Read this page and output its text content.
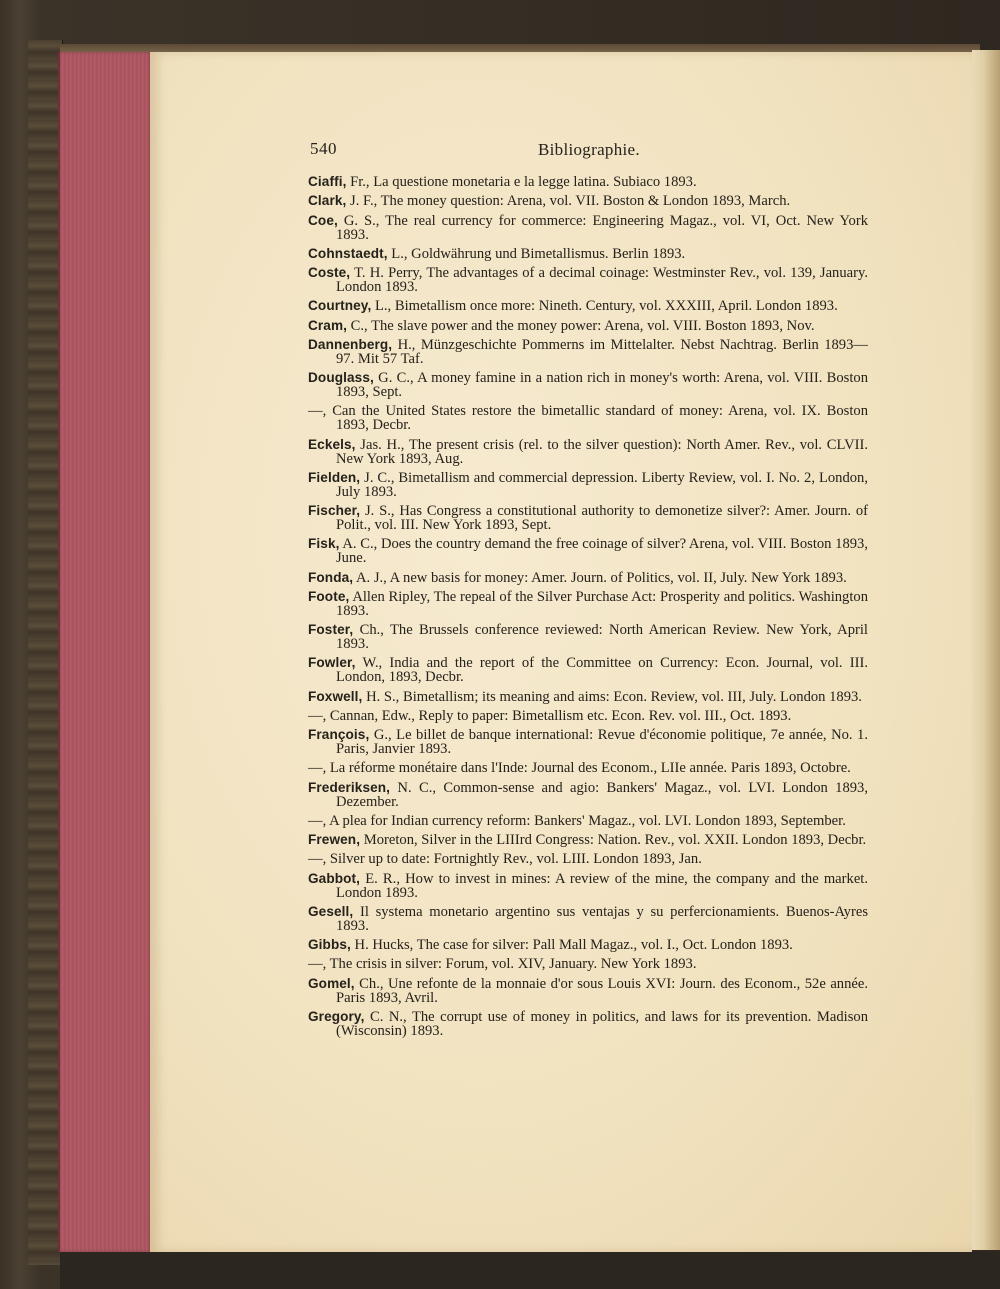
540	Bibliographie.

Ciaffi, Fr., La questione monetaria e la legge latina. Subiaco 1893.

Clark, J. F., The money question: Arena, vol. VII. Boston & London 1893, March.

Coe, G. S., The real currency for commerce: Engineering Magaz., vol. VI, Oct. New York 1893.

Cohnstaedt, L., Goldwährung und Bimetallismus. Berlin 1893.

Coste, T. H. Perry, The advantages of a decimal coinage: Westminster Rev., vol. 139, January. London 1893.

Courtney, L., Bimetallism once more: Nineth. Century, vol. XXXIII, April. London 1893.

Cram, C., The slave power and the money power: Arena, vol. VIII. Boston 1893, Nov.

Dannenberg, H., Münzgeschichte Pommerns im Mittelalter. Nebst Nachtrag. Berlin 1893—97. Mit 57 Taf.

Douglass, G. C., A money famine in a nation rich in money's worth: Arena, vol. VIII. Boston 1893, Sept.

—, Can the United States restore the bimetallic standard of money: Arena, vol. IX. Boston 1893, Decbr.

Eckels, Jas. H., The present crisis (rel. to the silver question): North Amer. Rev., vol. CLVII. New York 1893, Aug.

Fielden, J. C., Bimetallism and commercial depression. Liberty Review, vol. I. No. 2, London, July 1893.

Fischer, J. S., Has Congress a constitutional authority to demonetize silver?: Amer. Journ. of Polit., vol. III. New York 1893, Sept.

Fisk, A. C., Does the country demand the free coinage of silver? Arena, vol. VIII. Boston 1893, June.

Fonda, A. J., A new basis for money: Amer. Journ. of Politics, vol. II, July. New York 1893.

Foote, Allen Ripley, The repeal of the Silver Purchase Act: Prosperity and politics. Washington 1893.

Foster, Ch., The Brussels conference reviewed: North American Review. New York, April 1893.

Fowler, W., India and the report of the Committee on Currency: Econ. Journal, vol. III. London, 1893, Decbr.

Foxwell, H. S., Bimetallism; its meaning and aims: Econ. Review, vol. III, July. London 1893.

—, Cannan, Edw., Reply to paper: Bimetallism etc. Econ. Rev. vol. III., Oct. 1893.

François, G., Le billet de banque international: Revue d'économie politique, 7e année, No. 1. Paris, Janvier 1893.

—, La réforme monétaire dans l'Inde: Journal des Econom., LIIe année. Paris 1893, Octobre.

Frederiksen, N. C., Common-sense and agio: Bankers' Magaz., vol. LVI. London 1893, Dezember.

—, A plea for Indian currency reform: Bankers' Magaz., vol. LVI. London 1893, September.

Frewen, Moreton, Silver in the LIIIrd Congress: Nation. Rev., vol. XXII. London 1893, Decbr.

—, Silver up to date: Fortnightly Rev., vol. LIII. London 1893, Jan.

Gabbot, E. R., How to invest in mines: A review of the mine, the company and the market. London 1893.

Gesell, Il systema monetario argentino sus ventajas y su perfercionamients. Buenos-Ayres 1893.

Gibbs, H. Hucks, The case for silver: Pall Mall Magaz., vol. I., Oct. London 1893.

—, The crisis in silver: Forum, vol. XIV, January. New York 1893.

Gomel, Ch., Une refonte de la monnaie d'or sous Louis XVI: Journ. des Econom., 52e année. Paris 1893, Avril.

Gregory, C. N., The corrupt use of money in politics, and laws for its prevention. Madison (Wisconsin) 1893.
